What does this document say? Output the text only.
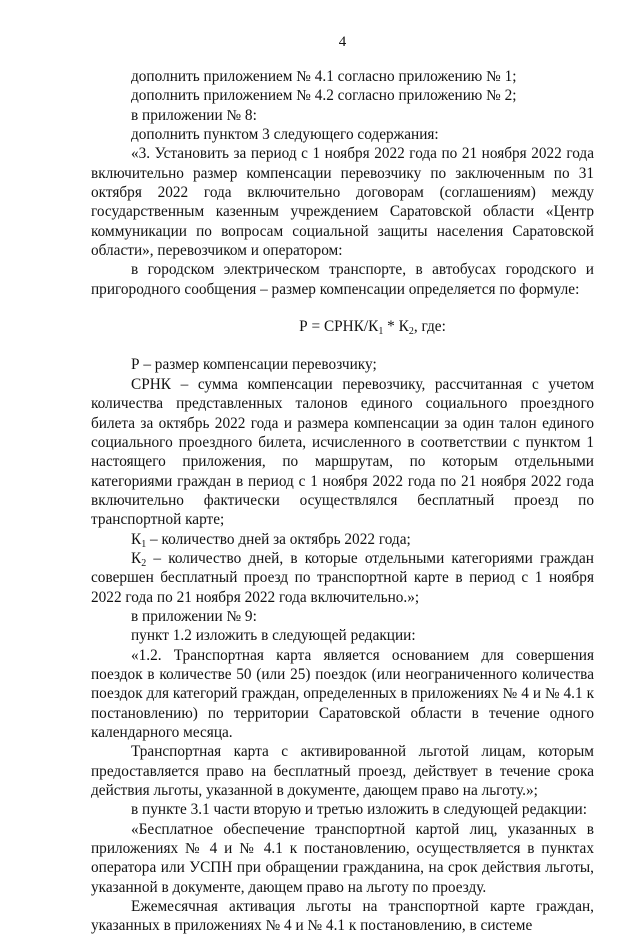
4

дополнить приложением № 4.1 согласно приложению № 1;

дополнить приложением № 4.2 согласно приложению № 2;

в приложении № 8:

дополнить пунктом 3 следующего содержания:

«3. Установить за период с 1 ноября 2022 года по 21 ноября 2022 года включительно размер компенсации перевозчику по заключенным по 31 октября 2022 года включительно договорам (соглашениям) между государственным казенным учреждением Саратовской области «Центр коммуникации по вопросам социальной защиты населения Саратовской области», перевозчиком и оператором:

в городском электрическом транспорте, в автобусах городского и пригородного сообщения – размер компенсации определяется по формуле:

Р = СРНК/$К_1 * К_2$, где:

Р – размер компенсации перевозчику;

СРНК – сумма компенсации перевозчику, рассчитанная с учетом количества представленных талонов единого социального проездного билета за октябрь 2022 года и размера компенсации за один талон единого социального проездного билета, исчисленного в соответствии с пунктом 1 настоящего приложения, по маршрутам, по которым отдельными категориями граждан в период с 1 ноября 2022 года по 21 ноября 2022 года включительно фактически осуществлялся бесплатный проезд по транспортной карте;

$К_1$ – количество дней за октябрь 2022 года;

$К_2$ – количество дней, в которые отдельными категориями граждан совершен бесплатный проезд по транспортной карте в период с 1 ноября 2022 года по 21 ноября 2022 года включительно.»;

в приложении № 9:

пункт 1.2 изложить в следующей редакции:

«1.2. Транспортная карта является основанием для совершения поездок в количестве 50 (или 25) поездок (или неограниченного количества поездок для категорий граждан, определенных в приложениях № 4 и № 4.1 к постановлению) по территории Саратовской области в течение одного календарного месяца.

Транспортная карта с активированной льготой лицам, которым предоставляется право на бесплатный проезд, действует в течение срока действия льготы, указанной в документе, дающем право на льготу.»;

в пункте 3.1 части вторую и третью изложить в следующей редакции:

«Бесплатное обеспечение транспортной картой лиц, указанных в приложениях № 4 и № 4.1 к постановлению, осуществляется в пунктах оператора или УСПН при обращении гражданина, на срок действия льготы, указанной в документе, дающем право на льготу по проезду.

Ежемесячная активация льготы на транспортной карте граждан, указанных в приложениях № 4 и № 4.1 к постановлению, в системе
